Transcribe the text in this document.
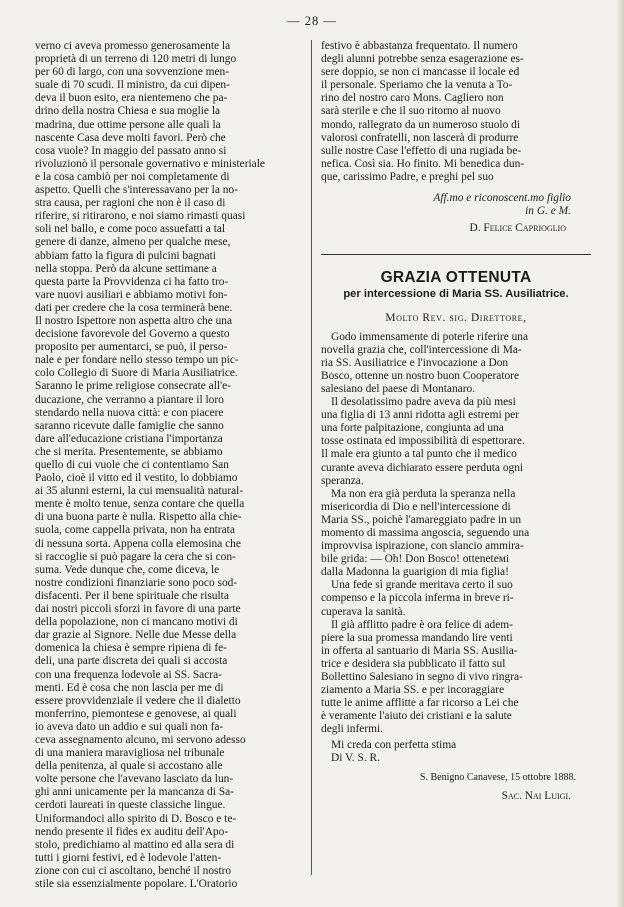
— 28 —

verno ci aveva promesso generosamente la
proprietà di un terreno di 120 metri di lungo
per 60 di largo, con una sovvenzione men-
suale di 70 scudi. Il ministro, da cui dipen-
deva il buon esito, era nientemeno che pa-
drino della nostra Chiesa e sua moglie la
madrina, due ottime persone alle quali la
nascente Casa deve molti favori. Però che
cosa vuole? In maggio del passato anno si
rivoluzionò il personale governativo e ministeriale
e la cosa cambiò per noi completamente di
aspetto. Quelli che s'interessavano per la no-
stra causa, per ragioni che non è il caso di
riferire, si ritirarono, e noi siamo rimasti quasi
soli nel ballo, e come poco assuefatti a tal
genere di danze, almeno per qualche mese,
abbiam fatto la figura di pulcini bagnati
nella stoppa. Però da alcune settimane a
questa parte la Provvidenza ci ha fatto tro-
vare nuovi ausiliari e abbiamo motivi fon-
dati per credere che la cosa terminerà bene.
Il nostro Ispettore non aspetta altro che una
decisione favorevole del Governo a questo
proposito per aumentarci, se può, il perso-
nale e per fondare nello stesso tempo un pic-
colo Collegio di Suore di Maria Ausiliatrice.
Saranno le prime religiose consecrate all'e-
ducazione, che verranno a piantare il loro
stendardo nella nuova città: e con piacere
saranno ricevute dalle famiglie che sanno
dare all'educazione cristiana l'importanza
che si merita. Presentemente, se abbiamo
quello di cui vuole che ci contentiamo San
Paolo, cioè il vitto ed il vestito, lo dobbiamo
ai 35 alunni esterni, la cui mensualità natural-
mente è molto tenue, senza contare che quella
di una buona parte è nulla. Rispetto alla chie-
suola, come cappella privata, non ha entrata
di nessuna sorta. Appena colla elemosina che
si raccoglie si può pagare la cera che si con-
suma. Vede dunque che, come diceva, le
nostre condizioni finanziarie sono poco sod-
disfacenti. Per il bene spirituale che risulta
dai nostri piccoli sforzi in favore di una parte
della popolazione, non ci mancano motivi di
dar grazie al Signore. Nelle due Messe della
domenica la chiesa è sempre ripiena di fe-
deli, una parte discreta dei quali si accosta
con una frequenza lodevole ai SS. Sacra-
menti. Ed è cosa che non lascia per me di
essere provvidenziale il vedere che il dialetto
monferrino, piemontese e genovese, ai quali
io aveva dato un addio e sui quali non fa-
ceva assegnamento alcuno, mi servono adesso
di una maniera maravigliosa nel tribunale
della penitenza, al quale si accostano alle
volte persone che l'avevano lasciato da lun-
ghi anni unicamente per la mancanza di Sa-
cerdoti laureati in queste classiche lingue.
Uniformandoci allo spirito di D. Bosco e te-
nendo presente il fides ex auditu dell'Apo-
stolo, predichiamo al mattino ed alla sera di
tutti i giorni festivi, ed è lodevole l'atten-
zione con cui ci ascoltano, benché il nostro
stile sia essenzialmente popolare. L'Oratorio

festivo è abbastanza frequentato. Il numero
degli alunni potrebbe senza esagerazione es-
sere doppio, se non ci mancasse il locale ed
il personale. Speriamo che la venuta a To-
rino del nostro caro Mons. Cagliero non
sarà sterile e che il suo ritorno al nuovo
mondo, rallegrato da un numeroso stuolo di
valorosi confratelli, non lascerà di produrre
sulle nostre Case l'effetto di una rugiada be-
nefica. Così sia. Ho finito. Mi benedica dun-
que, carissimo Padre, e preghi pel suo

Aff.mo e riconoscent.mo figlio
in G. e M.

D. Felice Caprioglio

GRAZIA OTTENUTA

per intercessione di Maria SS. Ausiliatrice.

Molto Rev. sig. Direttore,

Godo immensamente di poterle riferire una
novella grazia che, coll'intercessione di Ma-
ria SS. Ausiliatrice e l'invocazione a Don
Bosco, ottenne un nostro buon Cooperatore
salesiano del paese di Montanaro.

Il desolatissimo padre aveva da più mesi
una figlia di 13 anni ridotta agli estremi per
una forte palpitazione, congiunta ad una
tosse ostinata ed impossibilità di espettorare.
Il male era giunto a tal punto che il medico
curante aveva dichiarato essere perduta ogni
speranza.

Ma non era già perduta la speranza nella
misericordia di Dio e nell'intercessione di
Maria SS., poichè l'amareggiato padre in un
momento di massima angoscia, seguendo una
improvvisa ispirazione, con slancio ammira-
bile grida: — Oh! Don Bosco! otteneteмi
dalla Madonna la guarigion di mia figlia!

Una fede sì grande meritava certo il suo
compenso e la piccola inferma in breve ri-
cuperava la sanità.

Il già afflitto padre è ora felice di adem-
piere la sua promessa mandando lire venti
in offerta al santuario di Maria SS. Ausilia-
trice e desidera sia pubblicato il fatto sul
Bollettino Salesiano in segno di vivo ringra-
ziamento a Maria SS. e per incoraggiare
tutte le anime afflitte a far ricorso a Lei che
è veramente l'aiuto dei cristiani e la salute
degli infermi.

Mi creda con perfetta stima
Di V. S. R.

S. Benigno Canavese, 15 ottobre 1888.

Sac. Nai Luigi.
